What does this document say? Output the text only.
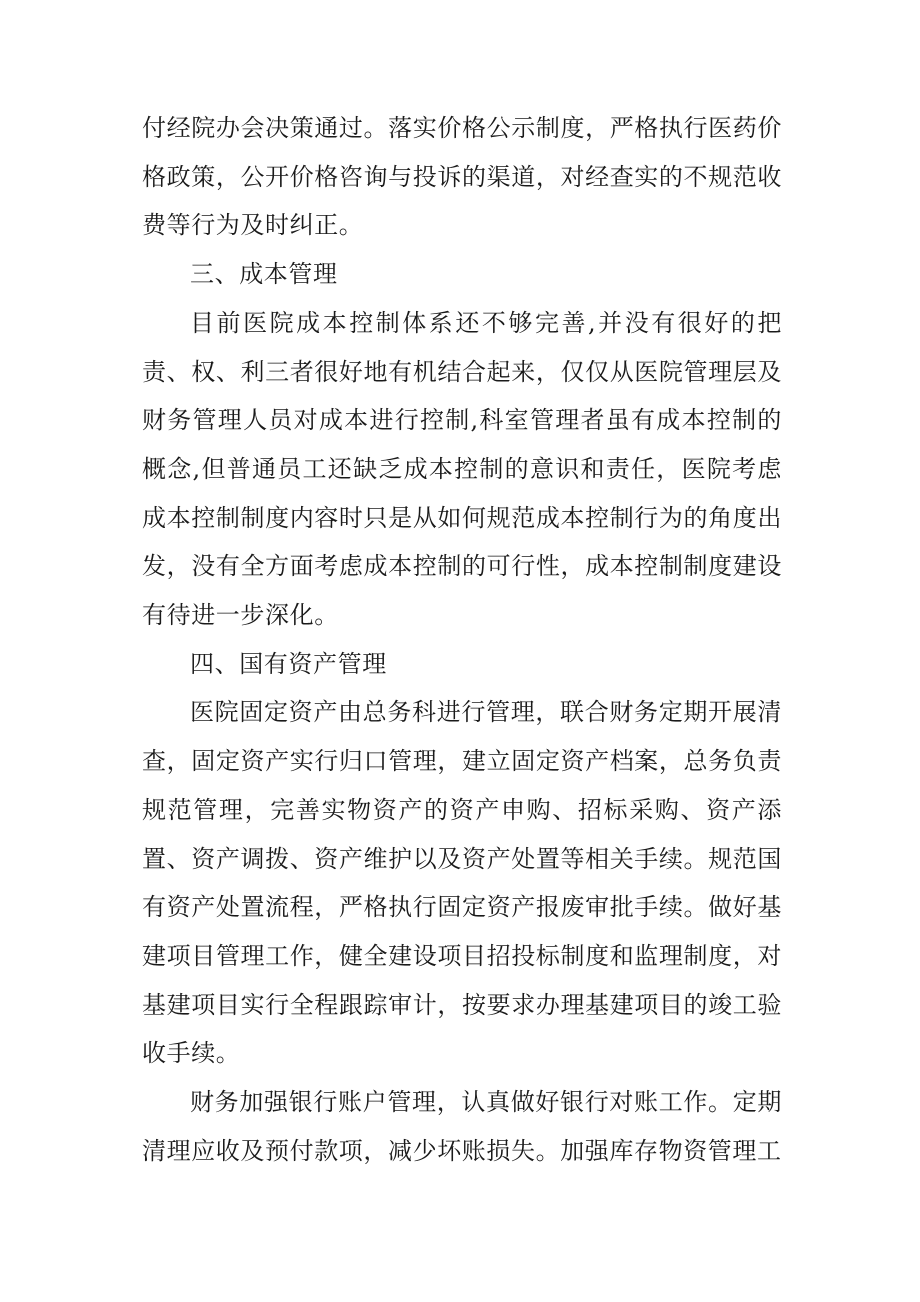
付经院办会决策通过。落实价格公示制度，严格执行医药价格政策，公开价格咨询与投诉的渠道，对经查实的不规范收费等行为及时纠正。

三、成本管理

目前医院成本控制体系还不够完善,并没有很好的把责、权、利三者很好地有机结合起来，仅仅从医院管理层及财务管理人员对成本进行控制,科室管理者虽有成本控制的概念,但普通员工还缺乏成本控制的意识和责任，医院考虑成本控制制度内容时只是从如何规范成本控制行为的角度出发，没有全方面考虑成本控制的可行性，成本控制制度建设有待进一步深化。

四、国有资产管理

医院固定资产由总务科进行管理，联合财务定期开展清查，固定资产实行归口管理，建立固定资产档案，总务负责规范管理，完善实物资产的资产申购、招标采购、资产添置、资产调拨、资产维护以及资产处置等相关手续。规范国有资产处置流程，严格执行固定资产报废审批手续。做好基建项目管理工作，健全建设项目招投标制度和监理制度，对基建项目实行全程跟踪审计，按要求办理基建项目的竣工验收手续。

财务加强银行账户管理，认真做好银行对账工作。定期清理应收及预付款项，减少坏账损失。加强库存物资管理工
